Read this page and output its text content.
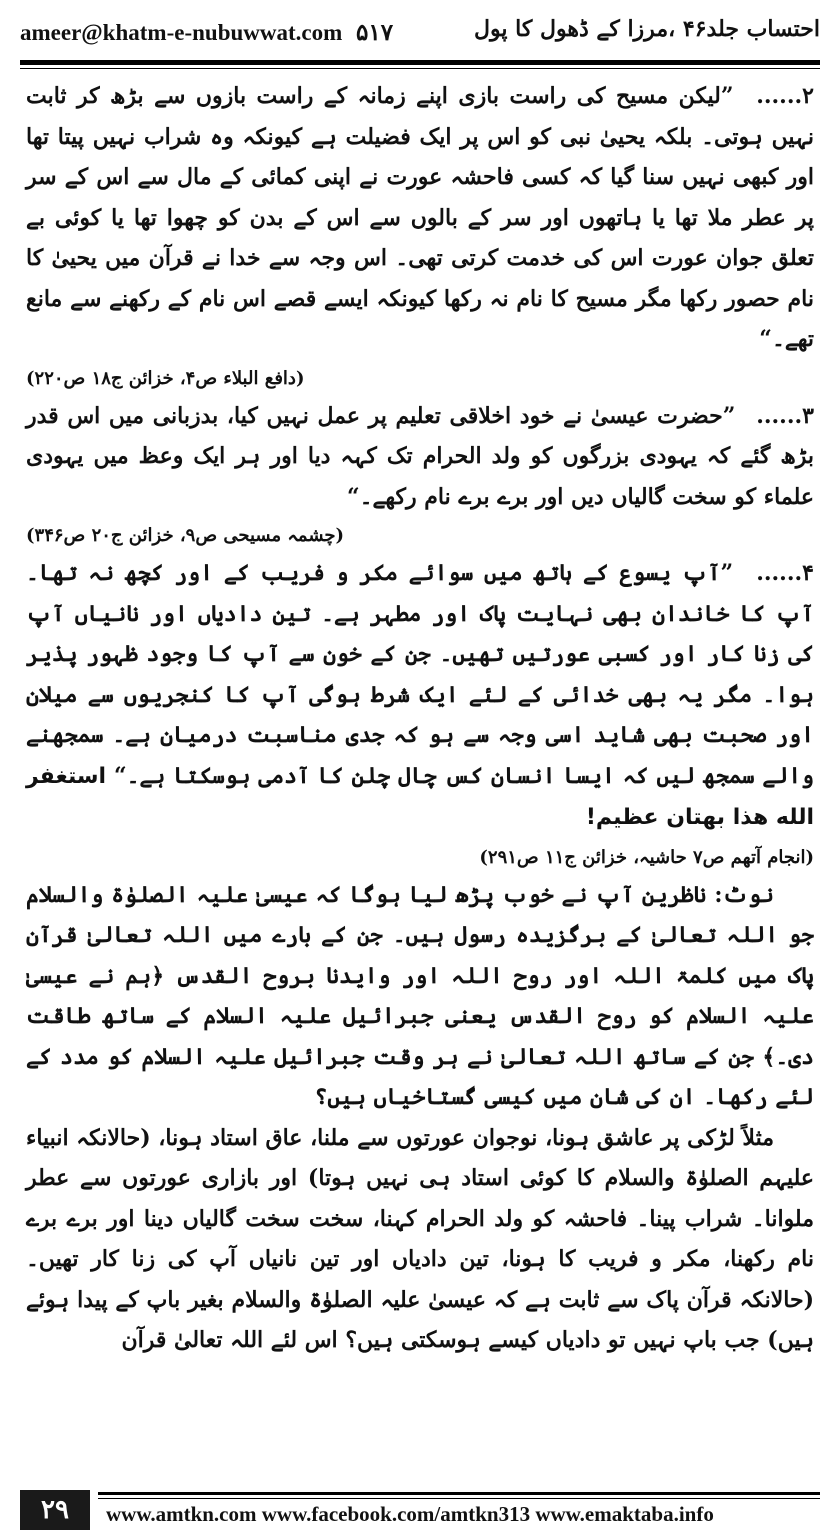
ameer@khatm-e-nubuwwat.com ۵۱۷	احتساب جلد۴۶ ،مرزا کے ڈھول کا پول

۲...... ”لیکن مسیح کی راست بازی اپنے زمانہ کے راست بازوں سے بڑھ کر ثابت نہیں ہوتی۔ بلکہ یحییٰ نبی کو اس پر ایک فضیلت ہے کیونکہ وہ شراب نہیں پیتا تھا اور کبھی نہیں سنا گیا کہ کسی فاحشہ عورت نے اپنی کمائی کے مال سے اس کے سر پر عطر ملا تھا یا ہاتھوں اور سر کے بالوں سے اس کے بدن کو چھوا تھا یا کوئی بے تعلق جوان عورت اس کی خدمت کرتی تھی۔ اس وجہ سے خدا نے قرآن میں یحییٰ کا نام حصور رکھا مگر مسیح کا نام نہ رکھا کیونکہ ایسے قصے اس نام کے رکھنے سے مانع تھے۔“

(دافع البلاء ص۴، خزائن ج۱۸ ص۲۲۰)

۳...... ”حضرت عیسیٰ نے خود اخلاقی تعلیم پر عمل نہیں کیا، بدزبانی میں اس قدر بڑھ گئے کہ یہودی بزرگوں کو ولد الحرام تک کہہ دیا اور ہر ایک وعظ میں یہودی علماء کو سخت گالیاں دیں اور برے برے نام رکھے۔“

(چشمہ مسیحی ص۹، خزائن ج۲۰ ص۳۴۶)

۴...... ”آپ یسوع کے ہاتھ میں سوائے مکر و فریب کے اور کچھ نہ تھا۔ آپ کا خاندان بھی نہایت پاک اور مطہر ہے۔ تین دادیاں اور نانیاں آپ کی زنا کار اور کسبی عورتیں تھیں۔ جن کے خون سے آپ کا وجود ظہور پذیر ہوا۔ مگر یہ بھی خدائی کے لئے ایک شرط ہوگی آپ کا کنجریوں سے میلان اور صحبت بھی شاید اسی وجہ سے ہو کہ جدی مناسبت درمیان ہے۔ سمجھنے والے سمجھ لیں کہ ایسا انسان کس چال چلن کا آدمی ہوسکتا ہے۔“ استغفر الله هذا بهتان عظيم!

(انجام آتھم ص۷ حاشیہ، خزائن ج۱۱ ص۲۹۱)

نوٹ: ناظرین آپ نے خوب پڑھ لیا ہوگا کہ عیسیٰ علیہ الصلوٰۃ والسلام جو اللہ تعالیٰ کے برگزیدہ رسول ہیں۔ جن کے بارے میں اللہ تعالیٰ قرآن پاک میں کلمۃ اللہ اور روح اللہ اور وایدنا بروح القدس ﴿ہم نے عیسیٰ علیہ السلام کو روح القدس یعنی جبرائیل علیہ السلام کے ساتھ طاقت دی۔﴾ جن کے ساتھ اللہ تعالیٰ نے ہر وقت جبرائیل علیہ السلام کو مدد کے لئے رکھا۔ ان کی شان میں کیسی گستاخیاں ہیں؟

مثلاً لڑکی پر عاشق ہونا، نوجوان عورتوں سے ملنا، عاق استاد ہونا، (حالانکہ انبیاء علیہم الصلوٰۃ والسلام کا کوئی استاد ہی نہیں ہوتا) اور بازاری عورتوں سے عطر ملوانا۔ شراب پینا۔ فاحشہ کو ولد الحرام کہنا، سخت سخت گالیاں دینا اور برے برے نام رکھنا، مکر و فریب کا ہونا، تین دادیاں اور تین نانیاں آپ کی زنا کار تھیں۔ (حالانکہ قرآن پاک سے ثابت ہے کہ عیسیٰ علیہ الصلوٰۃ والسلام بغیر باپ کے پیدا ہوئے ہیں) جب باپ نہیں تو دادیاں کیسے ہوسکتی ہیں؟ اس لئے اللہ تعالیٰ قرآن

۲۹	www.amtkn.com www.facebook.com/amtkn313 www.emaktaba.info
